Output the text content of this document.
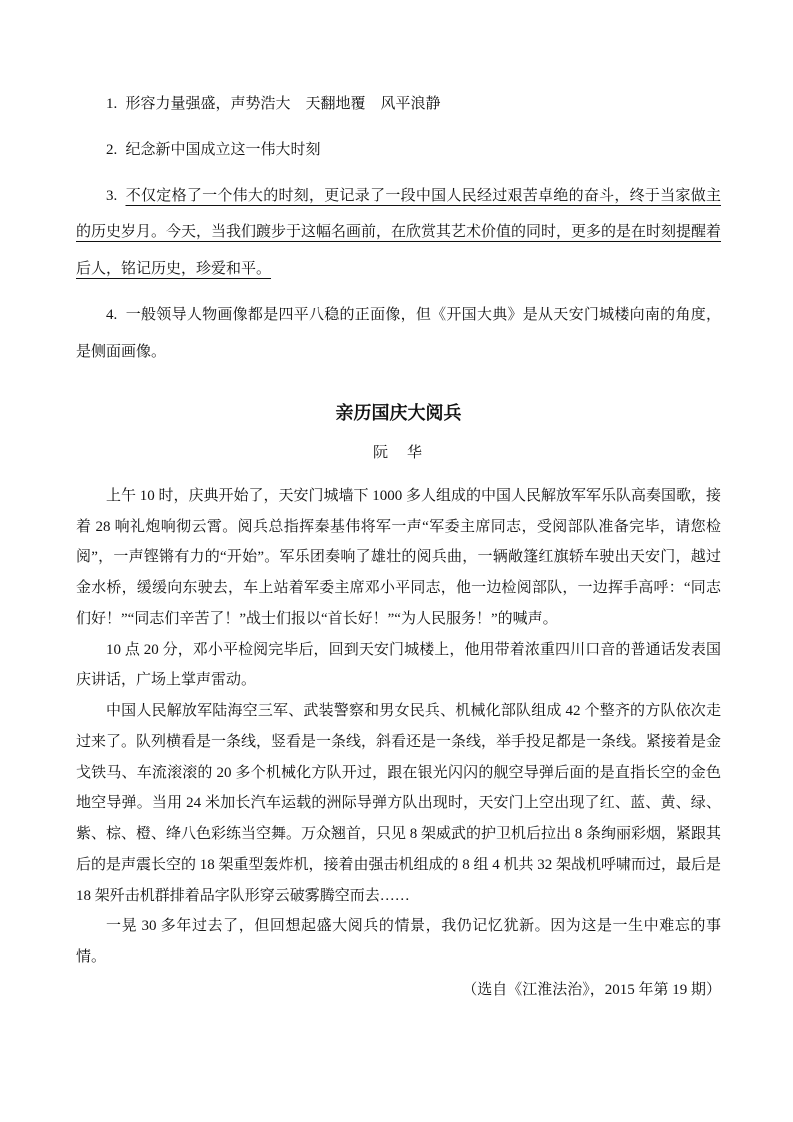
1. 形容力量强盛，声势浩大　天翻地覆　风平浪静

2. 纪念新中国成立这一伟大时刻

3. 不仅定格了一个伟大的时刻，更记录了一段中国人民经过艰苦卓绝的奋斗，终于当家做主的历史岁月。今天，当我们踱步于这幅名画前，在欣赏其艺术价值的同时，更多的是在时刻提醒着后人，铭记历史，珍爱和平。

4. 一般领导人物画像都是四平八稳的正面像，但《开国大典》是从天安门城楼向南的角度，是侧面画像。

亲历国庆大阅兵
阮　华

上午 10 时，庆典开始了，天安门城墙下 1000 多人组成的中国人民解放军军乐队高奏国歌，接着 28 响礼炮响彻云霄。阅兵总指挥秦基伟将军一声“军委主席同志，受阅部队准备完毕，请您检阅”，一声铿锵有力的“开始”。军乐团奏响了雄壮的阅兵曲，一辆敞篷红旗轿车驶出天安门，越过金水桥，缓缓向东驶去，车上站着军委主席邓小平同志，他一边检阅部队，一边挥手高呼：“同志们好！”“同志们辛苦了！”战士们报以“首长好！”“为人民服务！”的喊声。

10 点 20 分，邓小平检阅完毕后，回到天安门城楼上，他用带着浓重四川口音的普通话发表国庆讲话，广场上掌声雷动。

中国人民解放军陆海空三军、武装警察和男女民兵、机械化部队组成 42 个整齐的方队依次走过来了。队列横看是一条线，竖看是一条线，斜看还是一条线，举手投足都是一条线。紧接着是金戈铁马、车流滚滚的 20 多个机械化方队开过，跟在银光闪闪的舰空导弹后面的是直指长空的金色地空导弹。当用 24 米加长汽车运载的洲际导弹方队出现时，天安门上空出现了红、蓝、黄、绿、紫、棕、橙、绛八色彩练当空舞。万众翘首，只见 8 架威武的护卫机后拉出 8 条绚丽彩烟，紧跟其后的是声震长空的 18 架重型轰炸机，接着由强击机组成的 8 组 4 机共 32 架战机呼啸而过，最后是 18 架歼击机群排着品字队形穿云破雾腾空而去……

一晃 30 多年过去了，但回想起盛大阅兵的情景，我仍记忆犹新。因为这是一生中难忘的事情。

（选自《江淮法治》，2015 年第 19 期）
